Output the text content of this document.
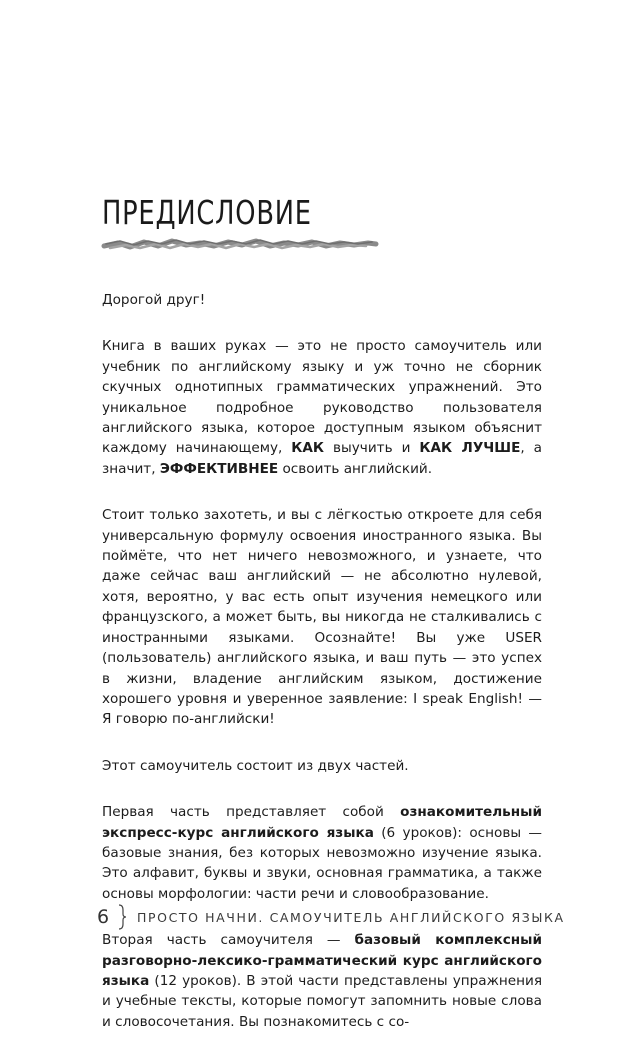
ПРЕДИСЛОВИЕ

Дорогой друг!

Книга в ваших руках — это не просто самоучитель или учебник по английскому языку и уж точно не сборник скучных однотипных грамматических упражнений. Это уникальное подробное руководство пользователя английского языка, которое доступным языком объяснит каждому начинающему, КАК выучить и КАК ЛУЧШЕ, а значит, ЭФФЕКТИВНЕЕ освоить английский.

Стоит только захотеть, и вы с лёгкостью откроете для себя универсальную формулу освоения иностранного языка. Вы поймёте, что нет ничего невозможного, и узнаете, что даже сейчас ваш английский — не абсолютно нулевой, хотя, вероятно, у вас есть опыт изучения немецкого или французского, а может быть, вы никогда не сталкивались с иностранными языками. Осознайте! Вы уже USER (пользователь) английского языка, и ваш путь — это успех в жизни, владение английским языком, достижение хорошего уровня и уверенное заявление: I speak English! — Я говорю по-английски!

Этот самоучитель состоит из двух частей.

Первая часть представляет собой ознакомительный экспресс-курс английского языка (6 уроков): основы — базовые знания, без которых невозможно изучение языка. Это алфавит, буквы и звуки, основная грамматика, а также основы морфологии: части речи и словообразование.

Вторая часть самоучителя — базовый комплексный разговорно-лексико-грамматический курс английского языка (12 уроков). В этой части представлены упражнения и учебные тексты, которые помогут запомнить новые слова и словосочетания. Вы познакомитесь с со-

6 ПРОСТО НАЧНИ. САМОУЧИТЕЛЬ АНГЛИЙСКОГО ЯЗЫКА
